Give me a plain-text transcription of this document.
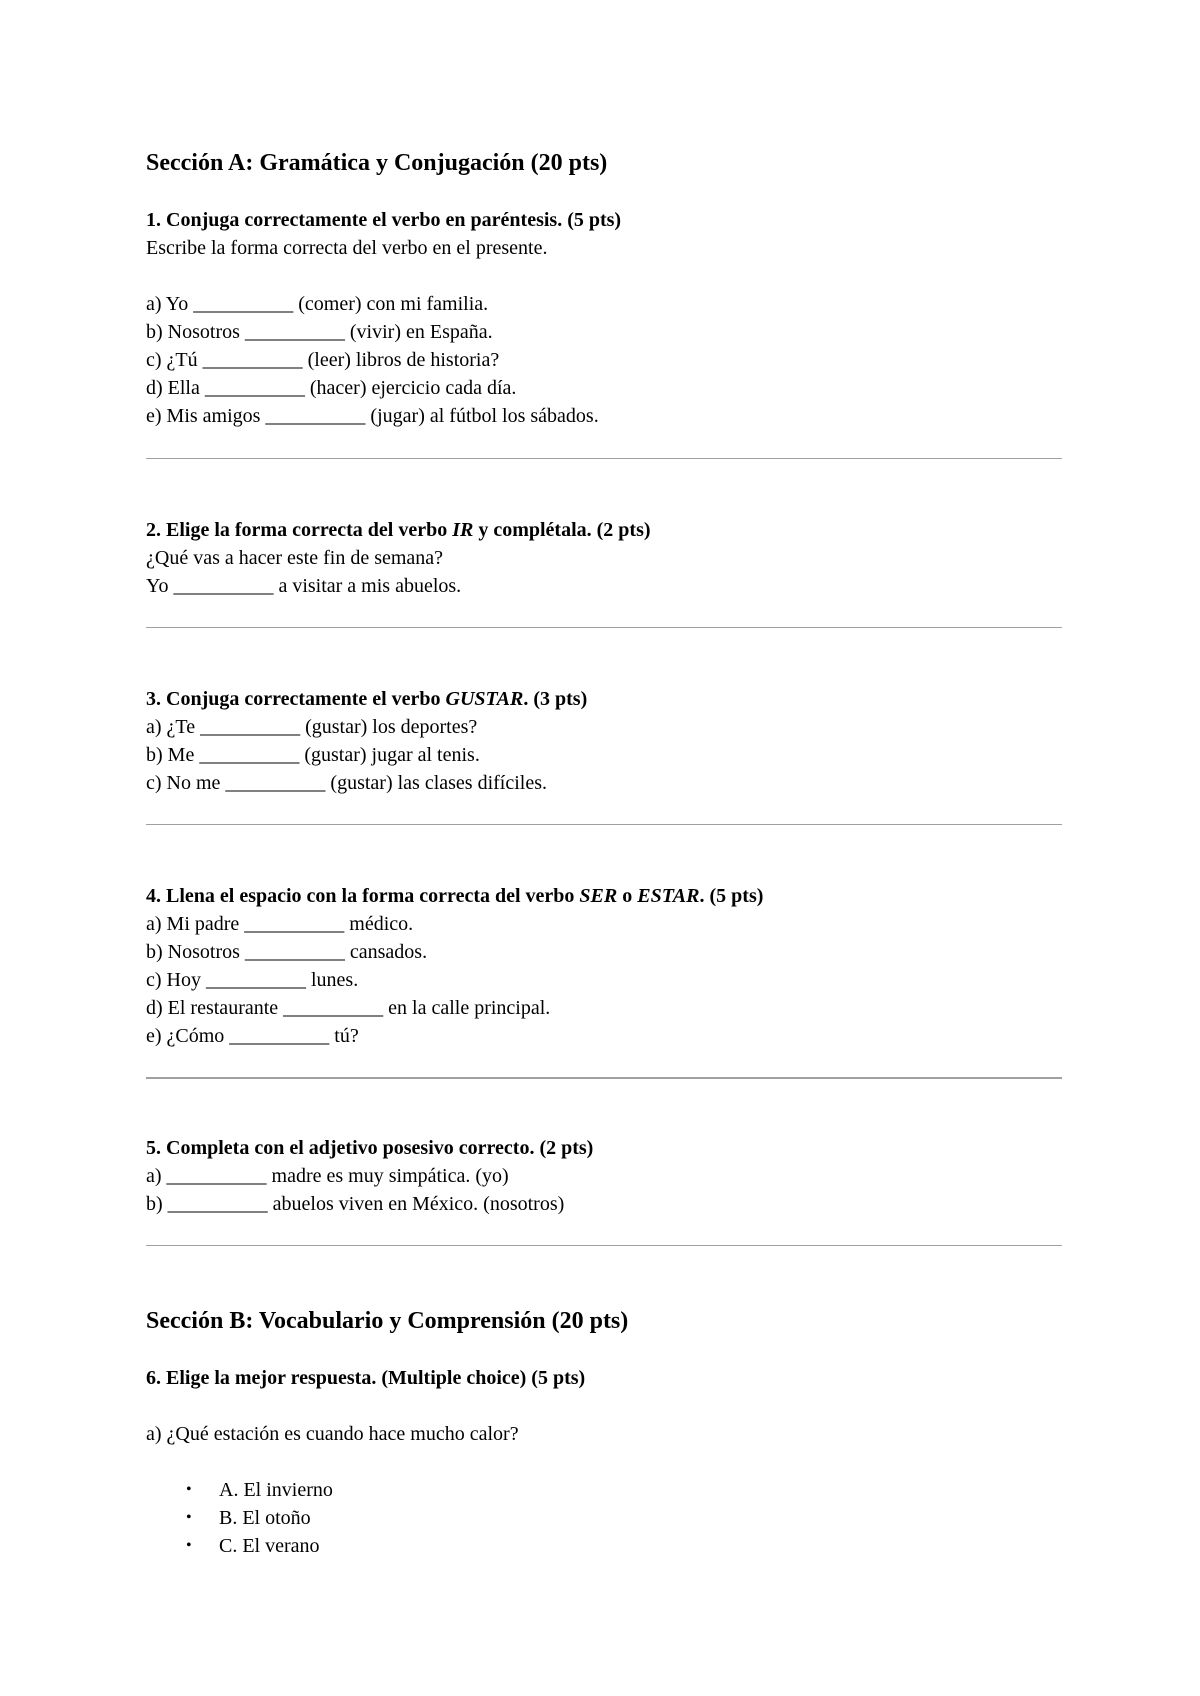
Sección A: Gramática y Conjugación (20 pts)

1. Conjuga correctamente el verbo en paréntesis. (5 pts)

Escribe la forma correcta del verbo en el presente.

a) Yo __________ (comer) con mi familia.

b) Nosotros __________ (vivir) en España.

c) ¿Tú __________ (leer) libros de historia?

d) Ella __________ (hacer) ejercicio cada día.

e) Mis amigos __________ (jugar) al fútbol los sábados.

2. Elige la forma correcta del verbo IR y complétala. (2 pts)

¿Qué vas a hacer este fin de semana?

Yo __________ a visitar a mis abuelos.

3. Conjuga correctamente el verbo GUSTAR. (3 pts)

a) ¿Te __________ (gustar) los deportes?

b) Me __________ (gustar) jugar al tenis.

c) No me __________ (gustar) las clases difíciles.

4. Llena el espacio con la forma correcta del verbo SER o ESTAR. (5 pts)

a) Mi padre __________ médico.

b) Nosotros __________ cansados.

c) Hoy __________ lunes.

d) El restaurante __________ en la calle principal.

e) ¿Cómo __________ tú?

5. Completa con el adjetivo posesivo correcto. (2 pts)

a) __________ madre es muy simpática. (yo)

b) __________ abuelos viven en México. (nosotros)

Sección B: Vocabulario y Comprensión (20 pts)

6. Elige la mejor respuesta. (Multiple choice) (5 pts)

a) ¿Qué estación es cuando hace mucho calor?

• A. El invierno
• B. El otoño
• C. El verano
